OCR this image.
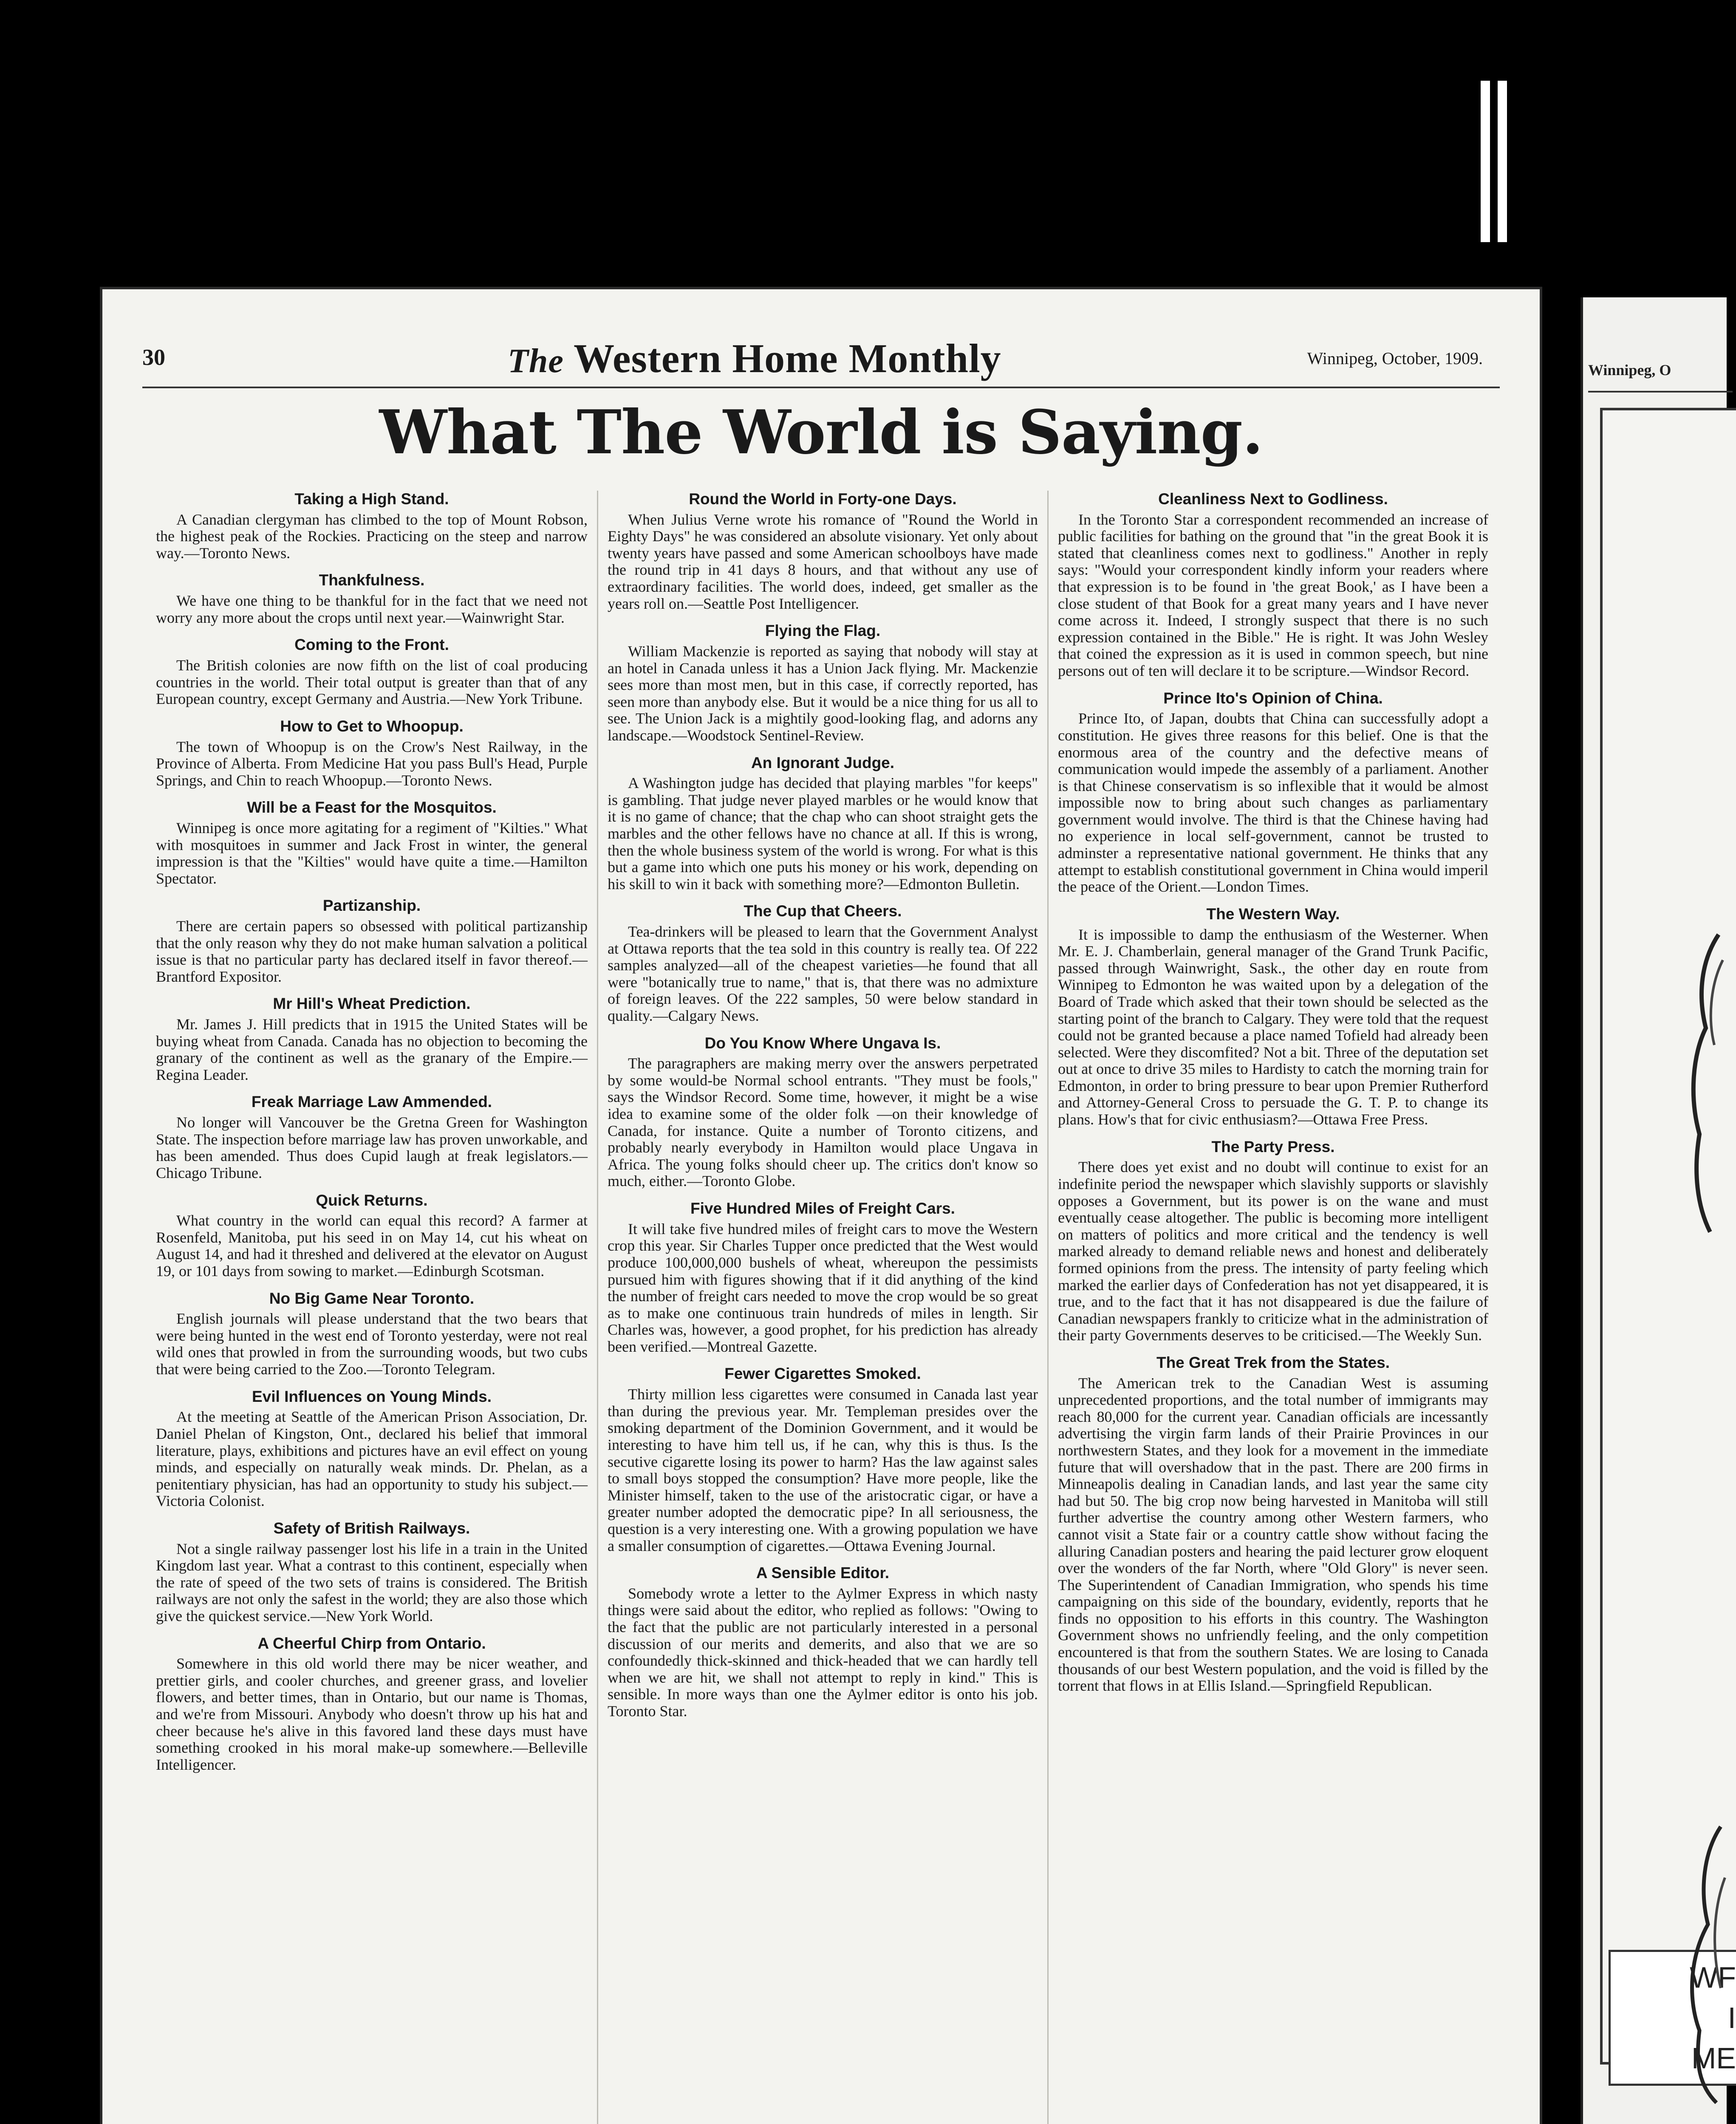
Winnipeg, O
WF
I
ME
30	The Western Home Monthly	Winnipeg, October, 1909.
What The World is Saying.
Taking a High Stand.
A Canadian clergyman has climbed to the top of Mount Robson, the highest peak of the Rockies. Practicing on the steep and narrow way.—Toronto News.
Thankfulness.
We have one thing to be thankful for in the fact that we need not worry any more about the crops until next year.—Wainwright Star.
Coming to the Front.
The British colonies are now fifth on the list of coal producing countries in the world. Their total output is greater than that of any European country, except Germany and Austria.—New York Tribune.
How to Get to Whoopup.
The town of Whoopup is on the Crow's Nest Railway, in the Province of Alberta. From Medicine Hat you pass Bull's Head, Purple Springs, and Chin to reach Whoopup.—Toronto News.
Will be a Feast for the Mosquitos.
Winnipeg is once more agitating for a regiment of "Kilties." What with mosquitoes in summer and Jack Frost in winter, the general impression is that the "Kilties" would have quite a time.—Hamilton Spectator.
Partizanship.
There are certain papers so obsessed with political partizanship that the only reason why they do not make human salvation a political issue is that no particular party has declared itself in favor thereof.—Brantford Expositor.
Mr Hill's Wheat Prediction.
Mr. James J. Hill predicts that in 1915 the United States will be buying wheat from Canada. Canada has no objection to becoming the granary of the continent as well as the granary of the Empire.—Regina Leader.
Freak Marriage Law Ammended.
No longer will Vancouver be the Gretna Green for Washington State. The inspection before marriage law has proven unworkable, and has been amended. Thus does Cupid laugh at freak legislators.—Chicago Tribune.
Quick Returns.
What country in the world can equal this record? A farmer at Rosenfeld, Manitoba, put his seed in on May 14, cut his wheat on August 14, and had it threshed and delivered at the elevator on August 19, or 101 days from sowing to market.—Edinburgh Scotsman.
No Big Game Near Toronto.
English journals will please understand that the two bears that were being hunted in the west end of Toronto yesterday, were not real wild ones that prowled in from the surrounding woods, but two cubs that were being carried to the Zoo.—Toronto Telegram.
Evil Influences on Young Minds.
At the meeting at Seattle of the American Prison Association, Dr. Daniel Phelan of Kingston, Ont., declared his belief that immoral literature, plays, exhibitions and pictures have an evil effect on young minds, and especially on naturally weak minds. Dr. Phelan, as a penitentiary physician, has had an opportunity to study his subject.—Victoria Colonist.
Safety of British Railways.
Not a single railway passenger lost his life in a train in the United Kingdom last year. What a contrast to this continent, especially when the rate of speed of the two sets of trains is considered. The British railways are not only the safest in the world; they are also those which give the quickest service.—New York World.
A Cheerful Chirp from Ontario.
Somewhere in this old world there may be nicer weather, and prettier girls, and cooler churches, and greener grass, and lovelier flowers, and better times, than in Ontario, but our name is Thomas, and we're from Missouri. Anybody who doesn't throw up his hat and cheer because he's alive in this favored land these days must have something crooked in his moral make-up somewhere.—Belleville Intelligencer.
Round the World in Forty-one Days.
When Julius Verne wrote his romance of "Round the World in Eighty Days" he was considered an absolute visionary. Yet only about twenty years have passed and some American schoolboys have made the round trip in 41 days 8 hours, and that without any use of extraordinary facilities. The world does, indeed, get smaller as the years roll on.—Seattle Post Intelligencer.
Flying the Flag.
William Mackenzie is reported as saying that nobody will stay at an hotel in Canada unless it has a Union Jack flying. Mr. Mackenzie sees more than most men, but in this case, if correctly reported, has seen more than anybody else. But it would be a nice thing for us all to see. The Union Jack is a mightily good-looking flag, and adorns any landscape.—Woodstock Sentinel-Review.
An Ignorant Judge.
A Washington judge has decided that playing marbles "for keeps" is gambling. That judge never played marbles or he would know that it is no game of chance; that the chap who can shoot straight gets the marbles and the other fellows have no chance at all. If this is wrong, then the whole business system of the world is wrong. For what is this but a game into which one puts his money or his work, depending on his skill to win it back with something more?—Edmonton Bulletin.
The Cup that Cheers.
Tea-drinkers will be pleased to learn that the Government Analyst at Ottawa reports that the tea sold in this country is really tea. Of 222 samples analyzed—all of the cheapest varieties—he found that all were "botanically true to name," that is, that there was no admixture of foreign leaves. Of the 222 samples, 50 were below standard in quality.—Calgary News.
Do You Know Where Ungava Is.
The paragraphers are making merry over the answers perpetrated by some would-be Normal school entrants. "They must be fools," says the Windsor Record. Some time, however, it might be a wise idea to examine some of the older folk —on their knowledge of Canada, for instance. Quite a number of Toronto citizens, and probably nearly everybody in Hamilton would place Ungava in Africa. The young folks should cheer up. The critics don't know so much, either.—Toronto Globe.
Five Hundred Miles of Freight Cars.
It will take five hundred miles of freight cars to move the Western crop this year. Sir Charles Tupper once predicted that the West would produce 100,000,000 bushels of wheat, whereupon the pessimists pursued him with figures showing that if it did anything of the kind the number of freight cars needed to move the crop would be so great as to make one continuous train hundreds of miles in length. Sir Charles was, however, a good prophet, for his prediction has already been verified.—Montreal Gazette.
Fewer Cigarettes Smoked.
Thirty million less cigarettes were consumed in Canada last year than during the previous year. Mr. Templeman presides over the smoking department of the Dominion Government, and it would be interesting to have him tell us, if he can, why this is thus. Is the secutive cigarette losing its power to harm? Has the law against sales to small boys stopped the consumption? Have more people, like the Minister himself, taken to the use of the aristocratic cigar, or have a greater number adopted the democratic pipe? In all seriousness, the question is a very interesting one. With a growing population we have a smaller consumption of cigarettes.—Ottawa Evening Journal.
A Sensible Editor.
Somebody wrote a letter to the Aylmer Express in which nasty things were said about the editor, who replied as follows: "Owing to the fact that the public are not particularly interested in a personal discussion of our merits and demerits, and also that we are so confoundedly thick-skinned and thick-headed that we can hardly tell when we are hit, we shall not attempt to reply in kind." This is sensible. In more ways than one the Aylmer editor is onto his job. Toronto Star.
Cleanliness Next to Godliness.
In the Toronto Star a correspondent recommended an increase of public facilities for bathing on the ground that "in the great Book it is stated that cleanliness comes next to godliness." Another in reply says: "Would your correspondent kindly inform your readers where that expression is to be found in 'the great Book,' as I have been a close student of that Book for a great many years and I have never come across it. Indeed, I strongly suspect that there is no such expression contained in the Bible." He is right. It was John Wesley that coined the expression as it is used in common speech, but nine persons out of ten will declare it to be scripture.—Windsor Record.
Prince Ito's Opinion of China.
Prince Ito, of Japan, doubts that China can successfully adopt a constitution. He gives three reasons for this belief. One is that the enormous area of the country and the defective means of communication would impede the assembly of a parliament. Another is that Chinese conservatism is so inflexible that it would be almost impossible now to bring about such changes as parliamentary government would involve. The third is that the Chinese having had no experience in local self-government, cannot be trusted to adminster a representative national government. He thinks that any attempt to establish constitutional government in China would imperil the peace of the Orient.—London Times.
The Western Way.
It is impossible to damp the enthusiasm of the Westerner. When Mr. E. J. Chamberlain, general manager of the Grand Trunk Pacific, passed through Wainwright, Sask., the other day en route from Winnipeg to Edmonton he was waited upon by a delegation of the Board of Trade which asked that their town should be selected as the starting point of the branch to Calgary. They were told that the request could not be granted because a place named Tofield had already been selected. Were they discomfited? Not a bit. Three of the deputation set out at once to drive 35 miles to Hardisty to catch the morning train for Edmonton, in order to bring pressure to bear upon Premier Rutherford and Attorney-General Cross to persuade the G. T. P. to change its plans. How's that for civic enthusiasm?—Ottawa Free Press.
The Party Press.
There does yet exist and no doubt will continue to exist for an indefinite period the newspaper which slavishly supports or slavishly opposes a Government, but its power is on the wane and must eventually cease altogether. The public is becoming more intelligent on matters of politics and more critical and the tendency is well marked already to demand reliable news and honest and deliberately formed opinions from the press. The intensity of party feeling which marked the earlier days of Confederation has not yet disappeared, it is true, and to the fact that it has not disappeared is due the failure of Canadian newspapers frankly to criticize what in the administration of their party Governments deserves to be criticised.—The Weekly Sun.
The Great Trek from the States.
The American trek to the Canadian West is assuming unprecedented proportions, and the total number of immigrants may reach 80,000 for the current year. Canadian officials are incessantly advertising the virgin farm lands of their Prairie Provinces in our northwestern States, and they look for a movement in the immediate future that will overshadow that in the past. There are 200 firms in Minneapolis dealing in Canadian lands, and last year the same city had but 50. The big crop now being harvested in Manitoba will still further advertise the country among other Western farmers, who cannot visit a State fair or a country cattle show without facing the alluring Canadian posters and hearing the paid lecturer grow eloquent over the wonders of the far North, where "Old Glory" is never seen. The Superintendent of Canadian Immigration, who spends his time campaigning on this side of the boundary, evidently, reports that he finds no opposition to his efforts in this country. The Washington Government shows no unfriendly feeling, and the only competition encountered is that from the southern States. We are losing to Canada thousands of our best Western population, and the void is filled by the torrent that flows in at Ellis Island.—Springfield Republican.
